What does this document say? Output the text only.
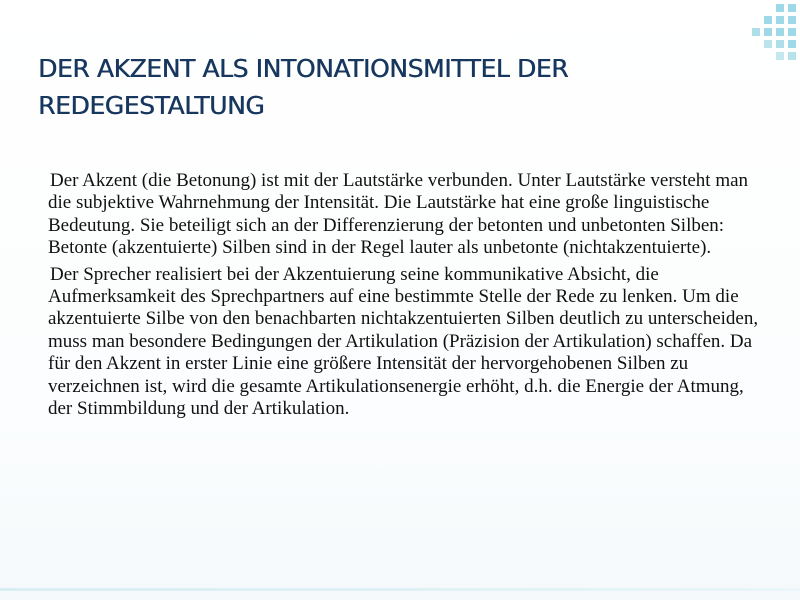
DER AKZENT ALS INTONATIONSMITTEL DER REDEGESTALTUNG

Der Akzent (die Betonung) ist mit der Lautstärke verbunden. Unter Lautstärke versteht man die subjektive Wahrnehmung der Intensität. Die Lautstärke hat eine große linguistische Bedeutung. Sie beteiligt sich an der Differenzierung der betonten und unbetonten Silben: Betonte (akzentuierte) Silben sind in der Regel lauter als unbetonte (nichtakzentuierte).

Der Sprecher realisiert bei der Akzentuierung seine kommunikative Absicht, die Aufmerksamkeit des Sprechpartners auf eine bestimmte Stelle der Rede zu lenken. Um die akzentuierte Silbe von den benachbarten nichtakzentuierten Silben deutlich zu unterscheiden, muss man besondere Bedingungen der Artikulation (Präzision der Artikulation) schaffen. Da für den Akzent in erster Linie eine größere Intensität der hervorgehobenen Silben zu verzeichnen ist, wird die gesamte Artikulationsenergie erhöht, d.h. die Energie der Atmung, der Stimmbildung und der Artikulation.
